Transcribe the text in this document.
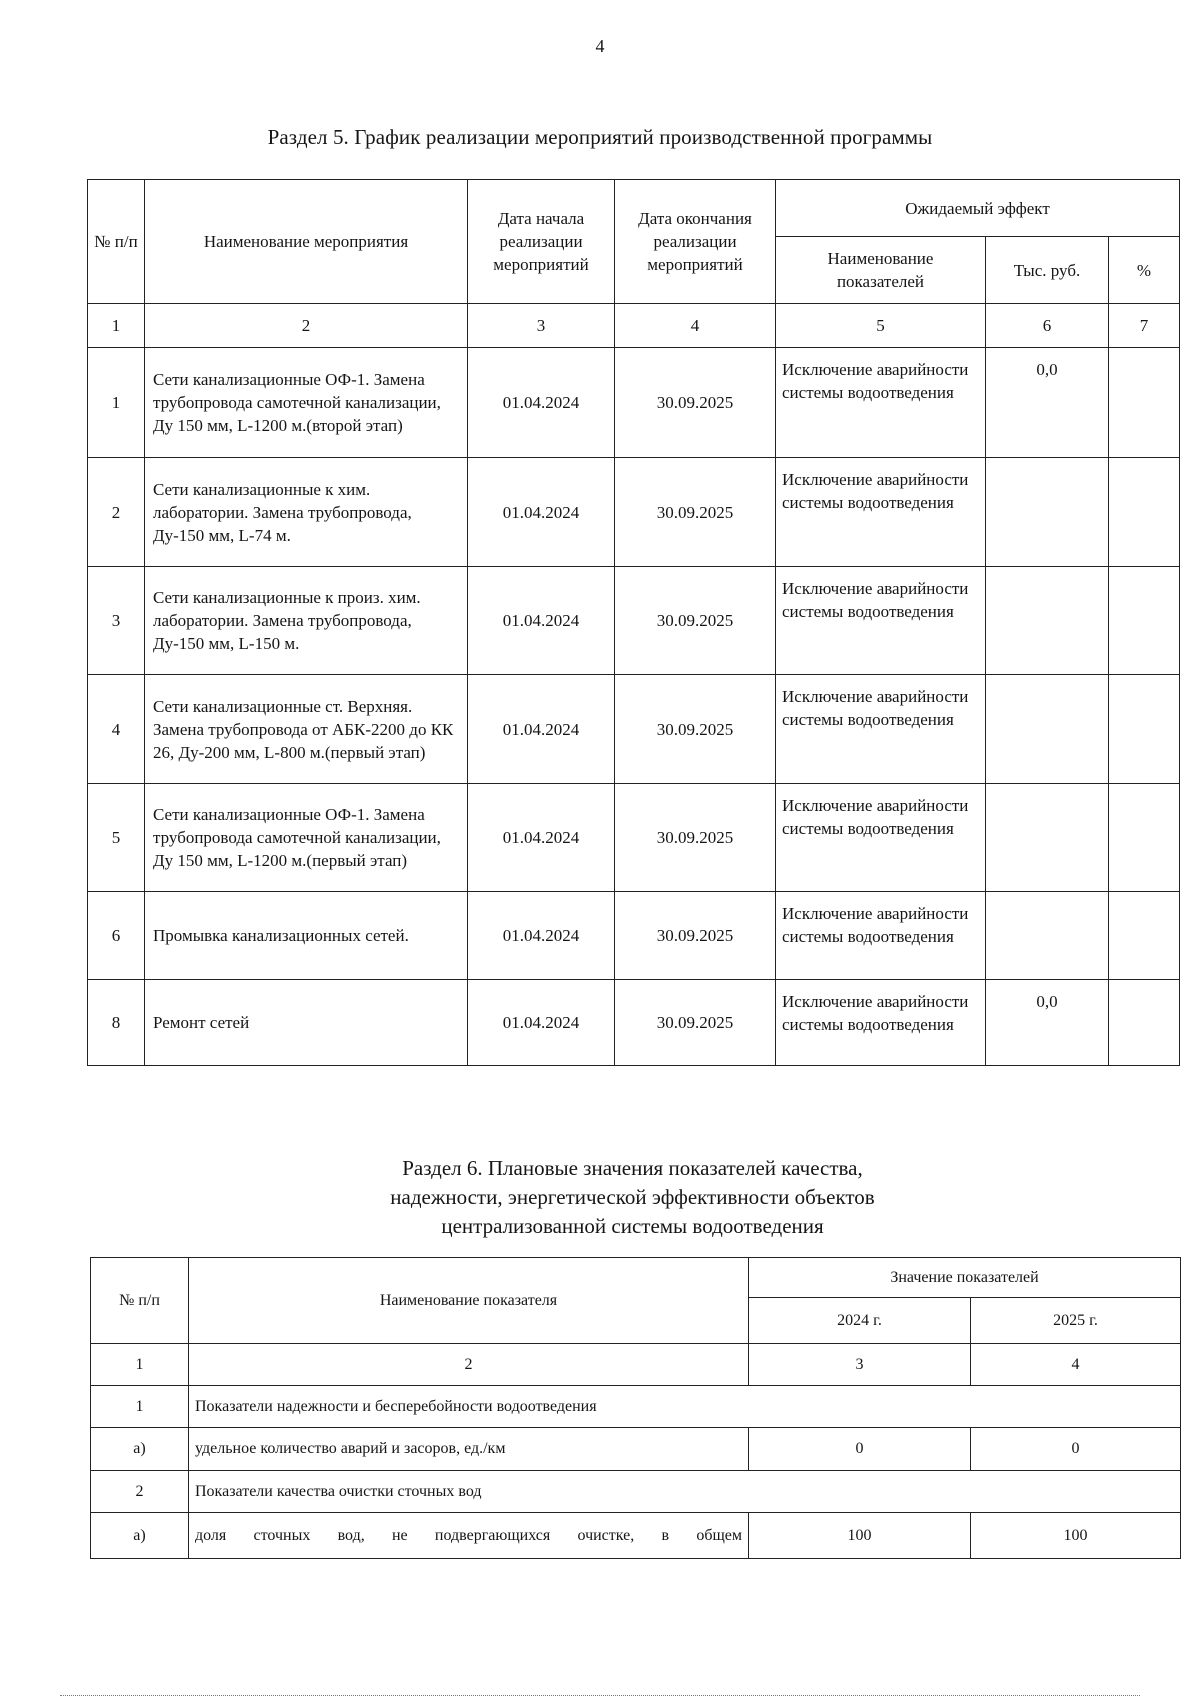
4
Раздел 5. График реализации мероприятий производственной программы
№ п/п	Наименование мероприятия	Дата начала реализации мероприятий	Дата окончания реализации мероприятий	Ожидаемый эффект		
				Наименование показателей	Тыс. руб.	%
1	2	3	4	5	6	7
1	Сети канализационные ОФ-1. Замена трубопровода самотечной канализации, Ду 150 мм, L-1200 м.(второй этап)	01.04.2024	30.09.2025	Исключение аварийности системы водоотведения	0,0	
2	Сети канализационные к хим. лаборатории. Замена трубопровода, Ду-150 мм, L-74 м.	01.04.2024	30.09.2025	Исключение аварийности системы водоотведения		
3	Сети канализационные к произ. хим. лаборатории. Замена трубопровода, Ду-150 мм, L-150 м.	01.04.2024	30.09.2025	Исключение аварийности системы водоотведения		
4	Сети канализационные ст. Верхняя. Замена трубопровода от АБК-2200 до КК 26, Ду-200 мм, L-800 м.(первый этап)	01.04.2024	30.09.2025	Исключение аварийности системы водоотведения		
5	Сети канализационные ОФ-1. Замена трубопровода самотечной канализации, Ду 150 мм, L-1200 м.(первый этап)	01.04.2024	30.09.2025	Исключение аварийности системы водоотведения		
6	Промывка канализационных сетей.	01.04.2024	30.09.2025	Исключение аварийности системы водоотведения		
8	Ремонт сетей	01.04.2024	30.09.2025	Исключение аварийности системы водоотведения	0,0	
Раздел 6. Плановые значения показателей качества,
надежности, энергетической эффективности объектов
централизованной системы водоотведения
№ п/п	Наименование показателя	Значение показателей	
		2024 г.	2025 г.
1	2	3	4
1	Показатели надежности и бесперебойности водоотведения		
а)	удельное количество аварий и засоров, ед./км	0	0
2	Показатели качества очистки сточных вод		
а)	доля сточных вод, не подвергающихся очистке, в общем	100	100
